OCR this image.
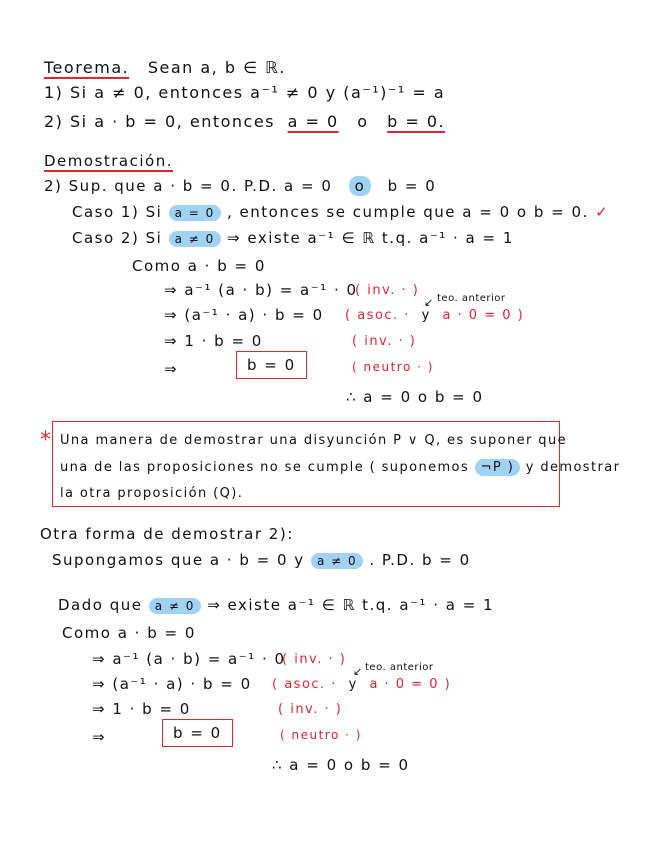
Teorema. Sean a, b ∈ ℝ.
1) Si a ≠ 0, entonces a⁻¹ ≠ 0 y (a⁻¹)⁻¹ = a
2) Si a · b = 0, entonces a = 0 o b = 0.
Demostración.
2) Sup. que a · b = 0. P.D. a = 0 o b = 0
Caso 1) Si a = 0 , entonces se cumple que a = 0 o b = 0. ✓
Caso 2) Si a ≠ 0 ⇒ existe a⁻¹ ∈ ℝ t.q. a⁻¹ · a = 1
Como a · b = 0
⇒ a⁻¹ (a · b) = a⁻¹ · 0
( inv. · )
teo. anterior
↙
⇒ (a⁻¹ · a) · b = 0 ( asoc. · y a · 0 = 0 )
⇒ 1 · b = 0	( inv. · )
⇒	b = 0	( neutro · )
∴ a = 0 o b = 0
* Una manera de demostrar una disyunción P ∨ Q, es suponer que
una de las proposiciones no se cumple ( suponemos ¬P ) y demostrar
la otra proposición (Q).
Otra forma de demostrar 2):
Supongamos que a · b = 0 y a ≠ 0 . P.D. b = 0
Dado que a ≠ 0 ⇒ existe a⁻¹ ∈ ℝ t.q. a⁻¹ · a = 1
Como a · b = 0
⇒ a⁻¹ (a · b) = a⁻¹ · 0
( inv. · )
teo. anterior
↙
⇒ (a⁻¹ · a) · b = 0 ( asoc. · y a · 0 = 0 )
⇒ 1 · b = 0	( inv. · )
⇒	b = 0	( neutro · )
∴ a = 0 o b = 0
